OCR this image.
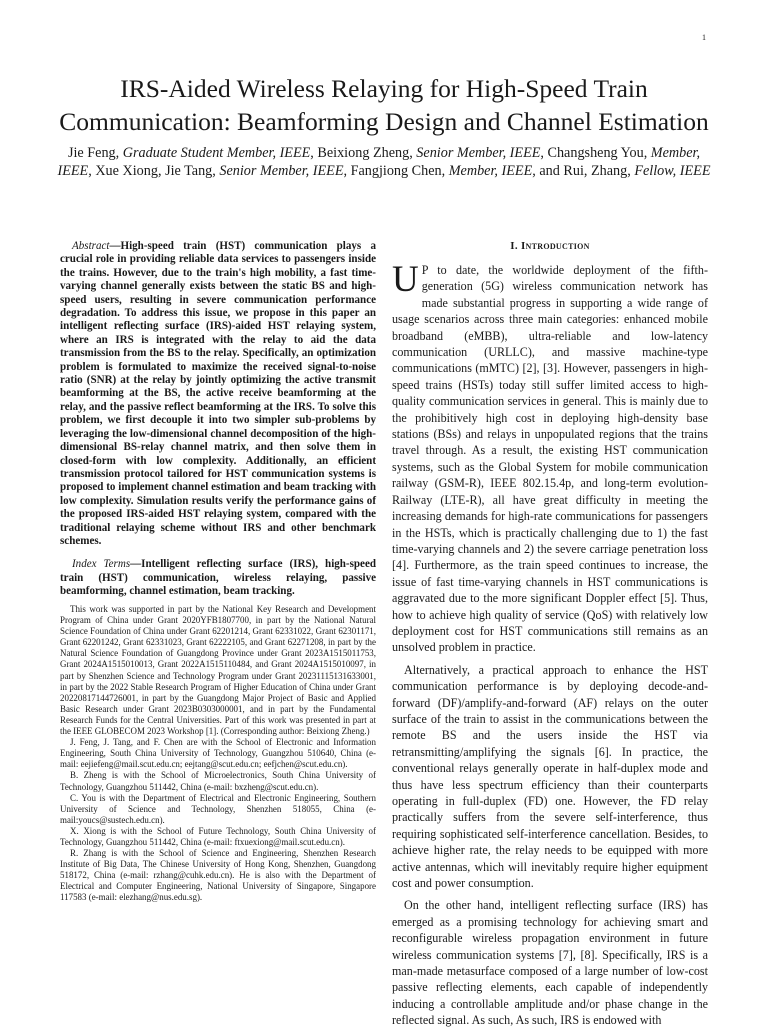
1
IRS-Aided Wireless Relaying for High-Speed Train Communication: Beamforming Design and Channel Estimation

Jie Feng, Graduate Student Member, IEEE, Beixiong Zheng, Senior Member, IEEE, Changsheng You, Member, IEEE, Xue Xiong, Jie Tang, Senior Member, IEEE, Fangjiong Chen, Member, IEEE, and Rui, Zhang, Fellow, IEEE

Abstract—High-speed train (HST) communication plays a crucial role in providing reliable data services to passengers inside the trains. However, due to the train's high mobility, a fast time-varying channel generally exists between the static BS and high-speed users, resulting in severe communication performance degradation. To address this issue, we propose in this paper an intelligent reflecting surface (IRS)-aided HST relaying system, where an IRS is integrated with the relay to aid the data transmission from the BS to the relay. Specifically, an optimization problem is formulated to maximize the received signal-to-noise ratio (SNR) at the relay by jointly optimizing the active transmit beamforming at the BS, the active receive beamforming at the relay, and the passive reflect beamforming at the IRS. To solve this problem, we first decouple it into two simpler sub-problems by leveraging the low-dimensional channel decomposition of the high-dimensional BS-relay channel matrix, and then solve them in closed-form with low complexity. Additionally, an efficient transmission protocol tailored for HST communication systems is proposed to implement channel estimation and beam tracking with low complexity. Simulation results verify the performance gains of the proposed IRS-aided HST relaying system, compared with the traditional relaying scheme without IRS and other benchmark schemes.

Index Terms—Intelligent reflecting surface (IRS), high-speed train (HST) communication, wireless relaying, passive beamforming, channel estimation, beam tracking.

This work was supported in part by the National Key Research and Development Program of China under Grant 2020YFB1807700, in part by the National Natural Science Foundation of China under Grant 62201214, Grant 62331022, Grant 62301171, Grant 62201242, Grant 62331023, Grant 62222105, and Grant 62271208, in part by the Natural Science Foundation of Guangdong Province under Grant 2023A1515011753, Grant 2024A1515010013, Grant 2022A1515110484, and Grant 2024A1515010097, in part by Shenzhen Science and Technology Program under Grant 20231115131633001, in part by the 2022 Stable Research Program of Higher Education of China under Grant 20220817144726001, in part by the Guangdong Major Project of Basic and Applied Basic Research under Grant 2023B0303000001, and in part by the Fundamental Research Funds for the Central Universities. Part of this work was presented in part at the IEEE GLOBECOM 2023 Workshop [1]. (Corresponding author: Beixiong Zheng.)

J. Feng, J. Tang, and F. Chen are with the School of Electronic and Information Engineering, South China University of Technology, Guangzhou 510640, China (e-mail: eejiefeng@mail.scut.edu.cn; eejtang@scut.edu.cn; eefjchen@scut.edu.cn).

B. Zheng is with the School of Microelectronics, South China University of Technology, Guangzhou 511442, China (e-mail: bxzheng@scut.edu.cn).

C. You is with the Department of Electrical and Electronic Engineering, Southern University of Science and Technology, Shenzhen 518055, China (e-mail:youcs@sustech.edu.cn).

X. Xiong is with the School of Future Technology, South China University of Technology, Guangzhou 511442, China (e-mail: ftxuexiong@mail.scut.edu.cn).

R. Zhang is with the School of Science and Engineering, Shenzhen Research Institute of Big Data, The Chinese University of Hong Kong, Shenzhen, Guangdong 518172, China (e-mail: rzhang@cuhk.edu.cn). He is also with the Department of Electrical and Computer Engineering, National University of Singapore, Singapore 117583 (e-mail: elezhang@nus.edu.sg).

I. Introduction

U P to date, the worldwide deployment of the fifth-generation (5G) wireless communication network has made substantial progress in supporting a wide range of usage scenarios across three main categories: enhanced mobile broadband (eMBB), ultra-reliable and low-latency communication (URLLC), and massive machine-type communications (mMTC) [2], [3]. However, passengers in high-speed trains (HSTs) today still suffer limited access to high-quality communication services in general. This is mainly due to the prohibitively high cost in deploying high-density base stations (BSs) and relays in unpopulated regions that the trains travel through. As a result, the existing HST communication systems, such as the Global System for mobile communication railway (GSM-R), IEEE 802.15.4p, and long-term evolution-Railway (LTE-R), all have great difficulty in meeting the increasing demands for high-rate communications for passengers in the HSTs, which is practically challenging due to 1) the fast time-varying channels and 2) the severe carriage penetration loss [4]. Furthermore, as the train speed continues to increase, the issue of fast time-varying channels in HST communications is aggravated due to the more significant Doppler effect [5]. Thus, how to achieve high quality of service (QoS) with relatively low deployment cost for HST communications still remains as an unsolved problem in practice.

Alternatively, a practical approach to enhance the HST communication performance is by deploying decode-and-forward (DF)/amplify-and-forward (AF) relays on the outer surface of the train to assist in the communications between the remote BS and the users inside the HST via retransmitting/amplifying the signals [6]. In practice, the conventional relays generally operate in half-duplex mode and thus have less spectrum efficiency than their counterparts operating in full-duplex (FD) one. However, the FD relay practically suffers from the severe self-interference, thus requiring sophisticated self-interference cancellation. Besides, to achieve higher rate, the relay needs to be equipped with more active antennas, which will inevitably require higher equipment cost and power consumption.

On the other hand, intelligent reflecting surface (IRS) has emerged as a promising technology for achieving smart and reconfigurable wireless propagation environment in future wireless communication systems [7], [8]. Specifically, IRS is a man-made metasurface composed of a large number of low-cost passive reflecting elements, each capable of independently inducing a controllable amplitude and/or phase change in the reflected signal. As such, As such, IRS is endowed with
